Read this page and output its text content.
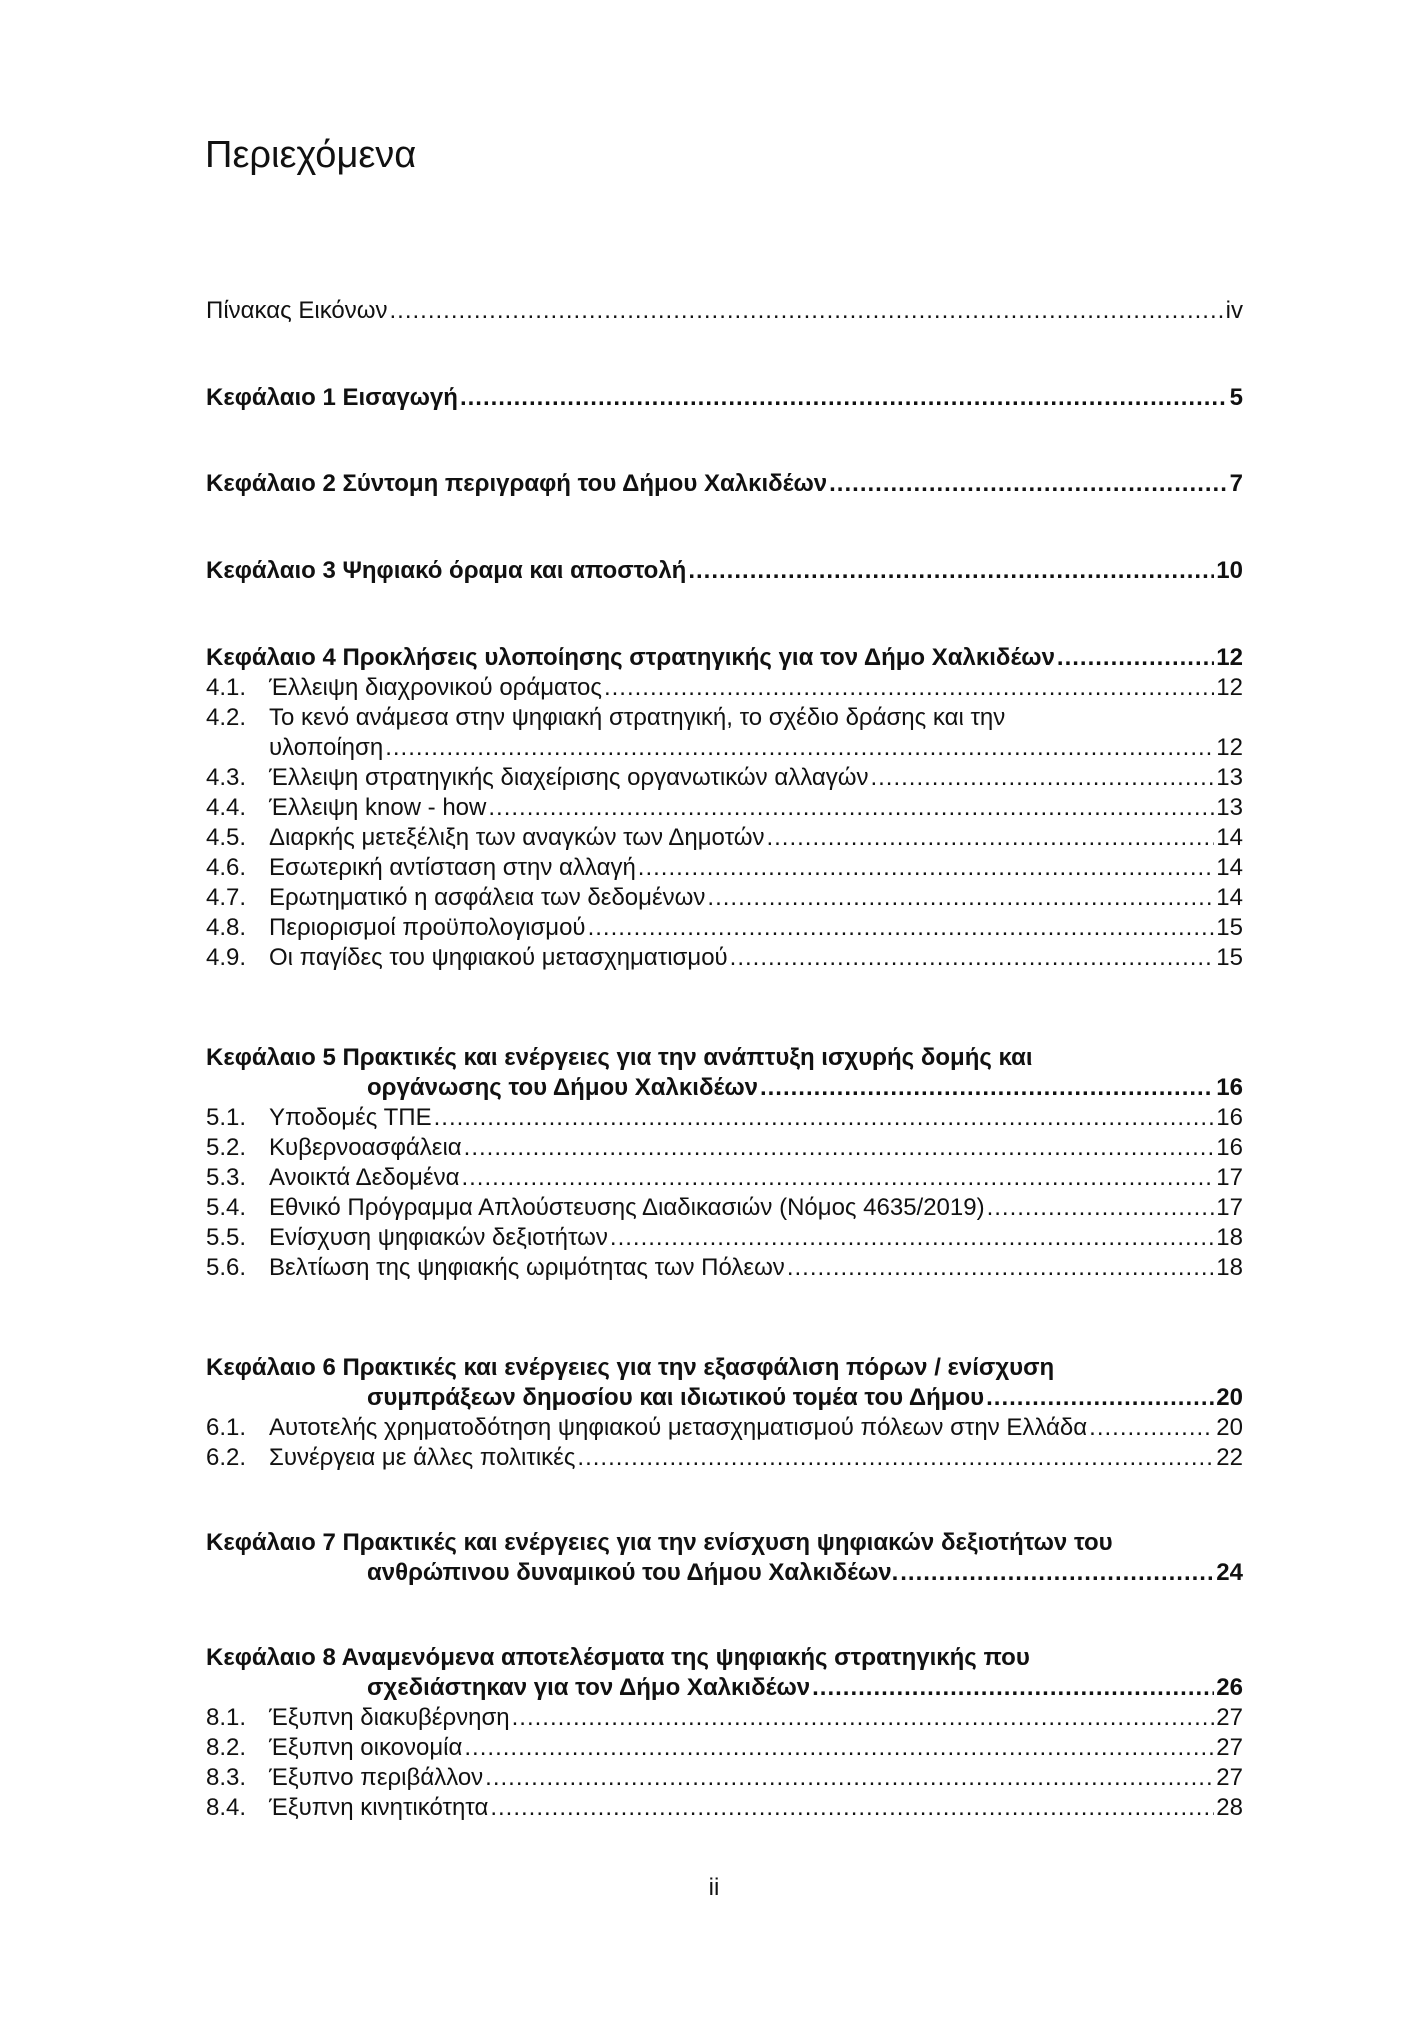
Περιεχόμενα
Πίνακας Εικόνων .....	iv
Κεφάλαιο 1 Εισαγωγή .....	5
Κεφάλαιο 2 Σύντομη περιγραφή του Δήμου Χαλκιδέων .....	7
Κεφάλαιο 3 Ψηφιακό όραμα και αποστολή .....	10
Κεφάλαιο 4 Προκλήσεις υλοποίησης στρατηγικής για τον Δήμο Χαλκιδέων .....	12
4.1. Έλλειψη διαχρονικού οράματος .....	12
4.2. Το κενό ανάμεσα στην ψηφιακή στρατηγική, το σχέδιο δράσης και την
υλοποίηση .....	12
4.3. Έλλειψη στρατηγικής διαχείρισης οργανωτικών αλλαγών .....	13
4.4. Έλλειψη know - how .....	13
4.5. Διαρκής μετεξέλιξη των αναγκών των Δημοτών .....	14
4.6. Εσωτερική αντίσταση στην αλλαγή .....	14
4.7. Ερωτηματικό η ασφάλεια των δεδομένων .....	14
4.8. Περιορισμοί προϋπολογισμού .....	15
4.9. Οι παγίδες του ψηφιακού μετασχηματισμού .....	15
Κεφάλαιο 5 Πρακτικές και ενέργειες για την ανάπτυξη ισχυρής δομής και
οργάνωσης του Δήμου Χαλκιδέων .....	16
5.1. Υποδομές ΤΠΕ .....	16
5.2. Κυβερνοασφάλεια .....	16
5.3. Ανοικτά Δεδομένα .....	17
5.4. Εθνικό Πρόγραμμα Απλούστευσης Διαδικασιών (Νόμος 4635/2019) .....	17
5.5. Ενίσχυση ψηφιακών δεξιοτήτων .....	18
5.6. Βελτίωση της ψηφιακής ωριμότητας των Πόλεων .....	18
Κεφάλαιο 6 Πρακτικές και ενέργειες για την εξασφάλιση πόρων / ενίσχυση
συμπράξεων δημοσίου και ιδιωτικού τομέα του Δήμου .....	20
6.1. Αυτοτελής χρηματοδότηση ψηφιακού μετασχηματισμού πόλεων στην Ελλάδα .....	20
6.2. Συνέργεια με άλλες πολιτικές .....	22
Κεφάλαιο 7 Πρακτικές και ενέργειες για την ενίσχυση ψηφιακών δεξιοτήτων του
ανθρώπινου δυναμικού του Δήμου Χαλκιδέων. .....	24
Κεφάλαιο 8 Αναμενόμενα αποτελέσματα της ψηφιακής στρατηγικής που
σχεδιάστηκαν για τον Δήμο Χαλκιδέων .....	26
8.1. Έξυπνη διακυβέρνηση .....	27
8.2. Έξυπνη οικονομία .....	27
8.3. Έξυπνο περιβάλλον .....	27
8.4. Έξυπνη κινητικότητα .....	28
ii
